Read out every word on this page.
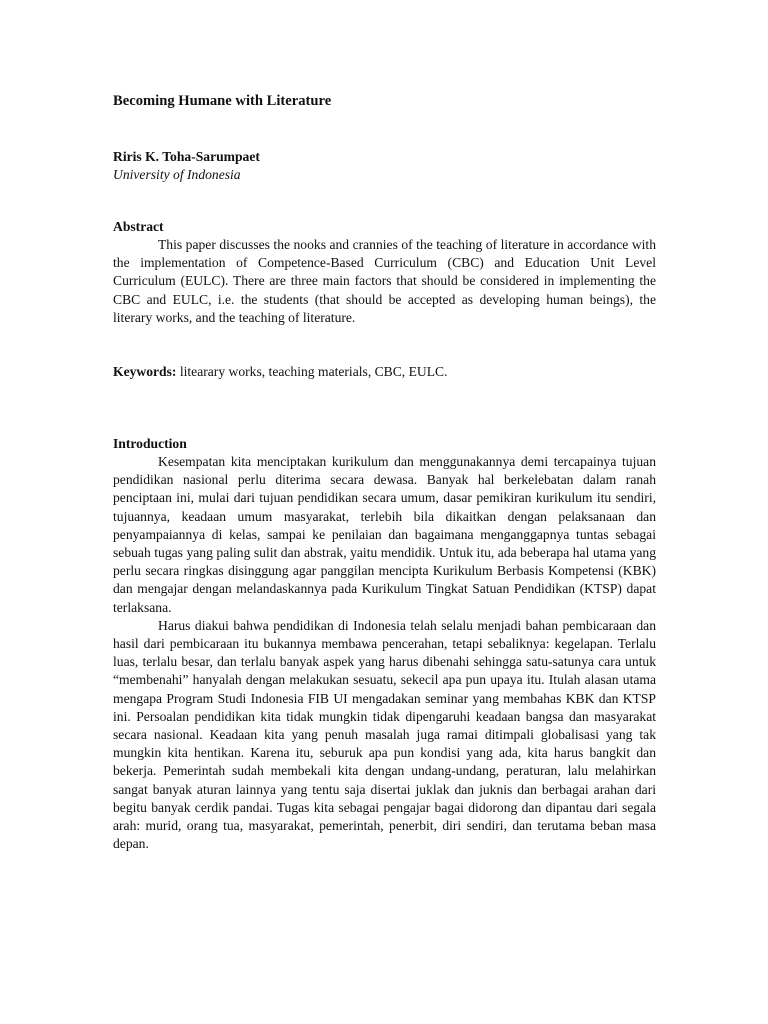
Becoming Humane with Literature

Riris K. Toha-Sarumpaet

University of Indonesia

Abstract

This paper discusses the nooks and crannies of the teaching of literature in accordance with the implementation of Competence-Based Curriculum (CBC) and Education Unit Level Curriculum (EULC). There are three main factors that should be considered in implementing the CBC and EULC, i.e. the students (that should be accepted as developing human beings), the literary works, and the teaching of literature.

Keywords: litearary works, teaching materials, CBC, EULC.

Introduction

Kesempatan kita menciptakan kurikulum dan menggunakannya demi tercapainya tujuan pendidikan nasional perlu diterima secara dewasa. Banyak hal berkelebatan dalam ranah penciptaan ini, mulai dari tujuan pendidikan secara umum, dasar pemikiran kurikulum itu sendiri, tujuannya, keadaan umum masyarakat, terlebih bila dikaitkan dengan pelaksanaan dan penyampaiannya di kelas, sampai ke penilaian dan bagaimana menganggapnya tuntas sebagai sebuah tugas yang paling sulit dan abstrak, yaitu mendidik. Untuk itu, ada beberapa hal utama yang perlu secara ringkas disinggung agar panggilan mencipta Kurikulum Berbasis Kompetensi (KBK) dan mengajar dengan melandaskannya pada Kurikulum Tingkat Satuan Pendidikan (KTSP) dapat terlaksana.

Harus diakui bahwa pendidikan di Indonesia telah selalu menjadi bahan pembicaraan dan hasil dari pembicaraan itu bukannya membawa pencerahan, tetapi sebaliknya: kegelapan. Terlalu luas, terlalu besar, dan terlalu banyak aspek yang harus dibenahi sehingga satu-satunya cara untuk “membenahi” hanyalah dengan melakukan sesuatu, sekecil apa pun upaya itu. Itulah alasan utama mengapa Program Studi Indonesia FIB UI mengadakan seminar yang membahas KBK dan KTSP ini. Persoalan pendidikan kita tidak mungkin tidak dipengaruhi keadaan bangsa dan masyarakat secara nasional. Keadaan kita yang penuh masalah juga ramai ditimpali globalisasi yang tak mungkin kita hentikan. Karena itu, seburuk apa pun kondisi yang ada, kita harus bangkit dan bekerja. Pemerintah sudah membekali kita dengan undang-undang, peraturan, lalu melahirkan sangat banyak aturan lainnya yang tentu saja disertai juklak dan juknis dan berbagai arahan dari begitu banyak cerdik pandai. Tugas kita sebagai pengajar bagai didorong dan dipantau dari segala arah: murid, orang tua, masyarakat, pemerintah, penerbit, diri sendiri, dan terutama beban masa depan.
